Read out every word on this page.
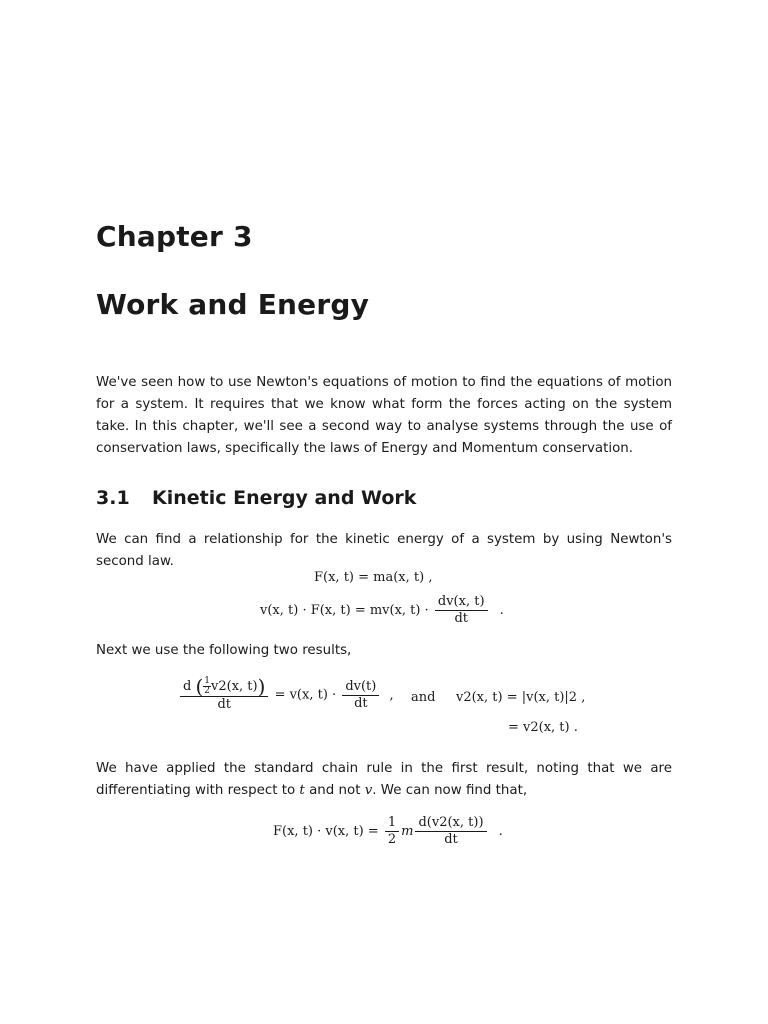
Chapter 3
Work and Energy

We've seen how to use Newton's equations of motion to find the equations of motion for a system. It requires that we know what form the forces acting on the system take. In this chapter, we'll see a second way to analyse systems through the use of conservation laws, specifically the laws of Energy and Momentum conservation.

3.1 Kinetic Energy and Work

We can find a relationship for the kinetic energy of a system by using Newton's second law.

F(x, t) = ma(x, t) ,
v(x, t) · F(x, t) = mv(x, $t) \cdot \frac{dv(x, t)}{dt}$ .

Next we use the following two results,

$\frac{d ( \frac{1}{2} v2(x, t))}{dt} = v(x$, $t) \cdot \frac{dv(t)}{dt}$ , and v2(x, t) = |v(x, t)|2 ,
= v2(x, t) .

We have applied the standard chain rule in the first result, noting that we are differentiating with respect to t and not v. We can now find that,

F(x, t) · v(x, $t) = \frac{1}{2}$ m $\frac{d(v2(x, t))}{dt}$ .
